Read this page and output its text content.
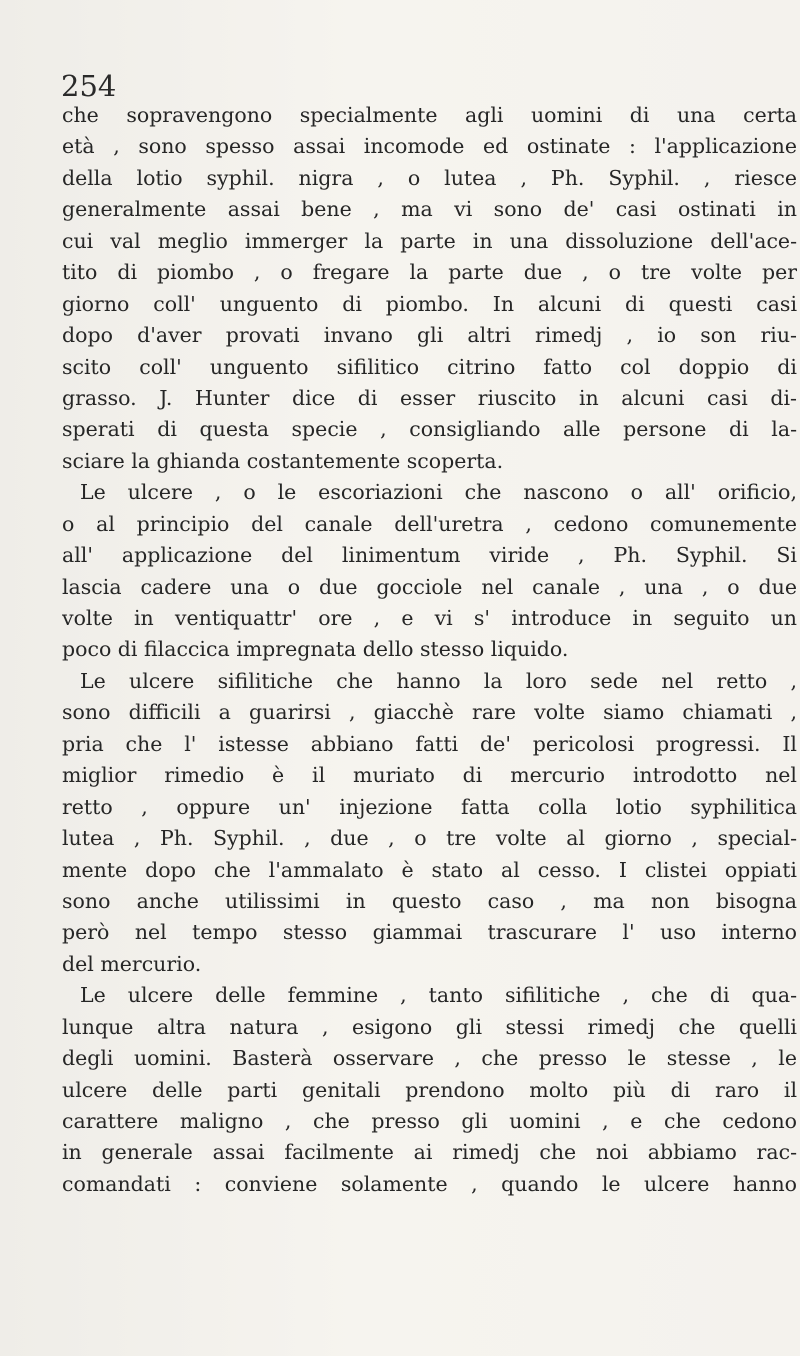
254
che sopravengono specialmente agli uomini di una certa
età , sono spesso assai incomode ed ostinate : l'applicazione
della lotio syphil. nigra , o lutea , Ph. Syphil. , riesce
generalmente assai bene , ma vi sono de' casi ostinati in
cui val meglio immerger la parte in una dissoluzione dell'ace-
tito di piombo , o fregare la parte due , o tre volte per
giorno coll' unguento di piombo. In alcuni di questi casi
dopo d'aver provati invano gli altri rimedj , io son riu-
scito coll' unguento sifilitico citrino fatto col doppio di
grasso. J. Hunter dice di esser riuscito in alcuni casi di-
sperati di questa specie , consigliando alle persone di la-
sciare la ghianda costantemente scoperta.
Le ulcere , o le escoriazioni che nascono o all' orificio,
o al principio del canale dell'uretra , cedono comunemente
all' applicazione del linimentum viride , Ph. Syphil. Si
lascia cadere una o due gocciole nel canale , una , o due
volte in ventiquattr' ore , e vi s' introduce in seguito un
poco di filaccica impregnata dello stesso liquido.
Le ulcere sifilitiche che hanno la loro sede nel retto ,
sono difficili a guarirsi , giacchè rare volte siamo chiamati ,
pria che l' istesse abbiano fatti de' pericolosi progressi. Il
miglior rimedio è il muriato di mercurio introdotto nel
retto , oppure un' injezione fatta colla lotio syphilitica
lutea , Ph. Syphil. , due , o tre volte al giorno , special-
mente dopo che l'ammalato è stato al cesso. I clistei oppiati
sono anche utilissimi in questo caso , ma non bisogna
però nel tempo stesso giammai trascurare l' uso interno
del mercurio.
Le ulcere delle femmine , tanto sifilitiche , che di qua-
lunque altra natura , esigono gli stessi rimedj che quelli
degli uomini. Basterà osservare , che presso le stesse , le
ulcere delle parti genitali prendono molto più di raro il
carattere maligno , che presso gli uomini , e che cedono
in generale assai facilmente ai rimedj che noi abbiamo rac-
comandati : conviene solamente , quando le ulcere hanno
